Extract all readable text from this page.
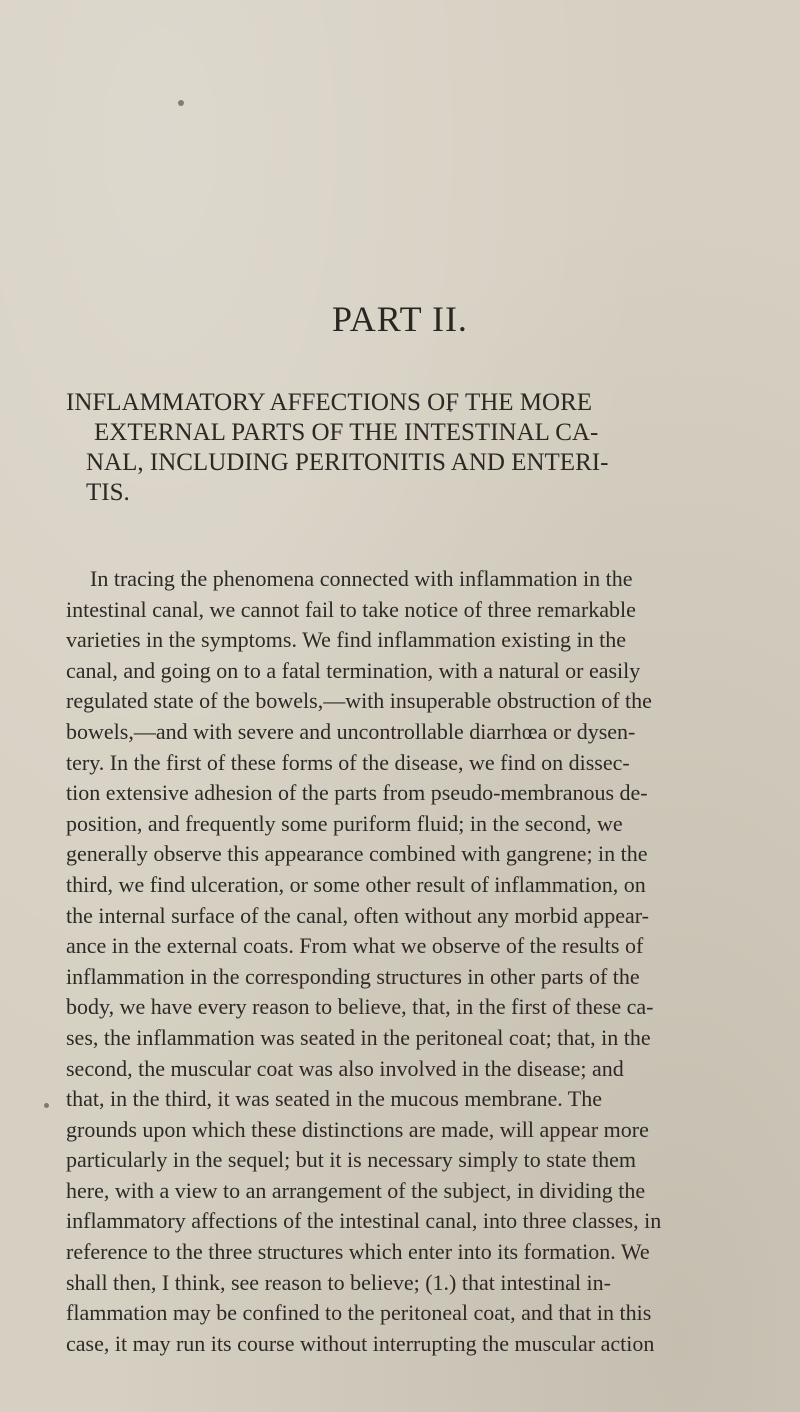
PART II.
INFLAMMATORY AFFECTIONS OF THE MORE
EXTERNAL PARTS OF THE INTESTINAL CA-
NAL, INCLUDING PERITONITIS AND ENTERI-
TIS.
In tracing the phenomena connected with inflammation in the
intestinal canal, we cannot fail to take notice of three remarkable
varieties in the symptoms. We find inflammation existing in the
canal, and going on to a fatal termination, with a natural or easily
regulated state of the bowels,—with insuperable obstruction of the
bowels,—and with severe and uncontrollable diarrhœa or dysen-
tery. In the first of these forms of the disease, we find on dissec-
tion extensive adhesion of the parts from pseudo-membranous de-
position, and frequently some puriform fluid; in the second, we
generally observe this appearance combined with gangrene; in the
third, we find ulceration, or some other result of inflammation, on
the internal surface of the canal, often without any morbid appear-
ance in the external coats. From what we observe of the results of
inflammation in the corresponding structures in other parts of the
body, we have every reason to believe, that, in the first of these ca-
ses, the inflammation was seated in the peritoneal coat; that, in the
second, the muscular coat was also involved in the disease; and
that, in the third, it was seated in the mucous membrane. The
grounds upon which these distinctions are made, will appear more
particularly in the sequel; but it is necessary simply to state them
here, with a view to an arrangement of the subject, in dividing the
inflammatory affections of the intestinal canal, into three classes, in
reference to the three structures which enter into its formation. We
shall then, I think, see reason to believe; (1.) that intestinal in-
flammation may be confined to the peritoneal coat, and that in this
case, it may run its course without interrupting the muscular action
